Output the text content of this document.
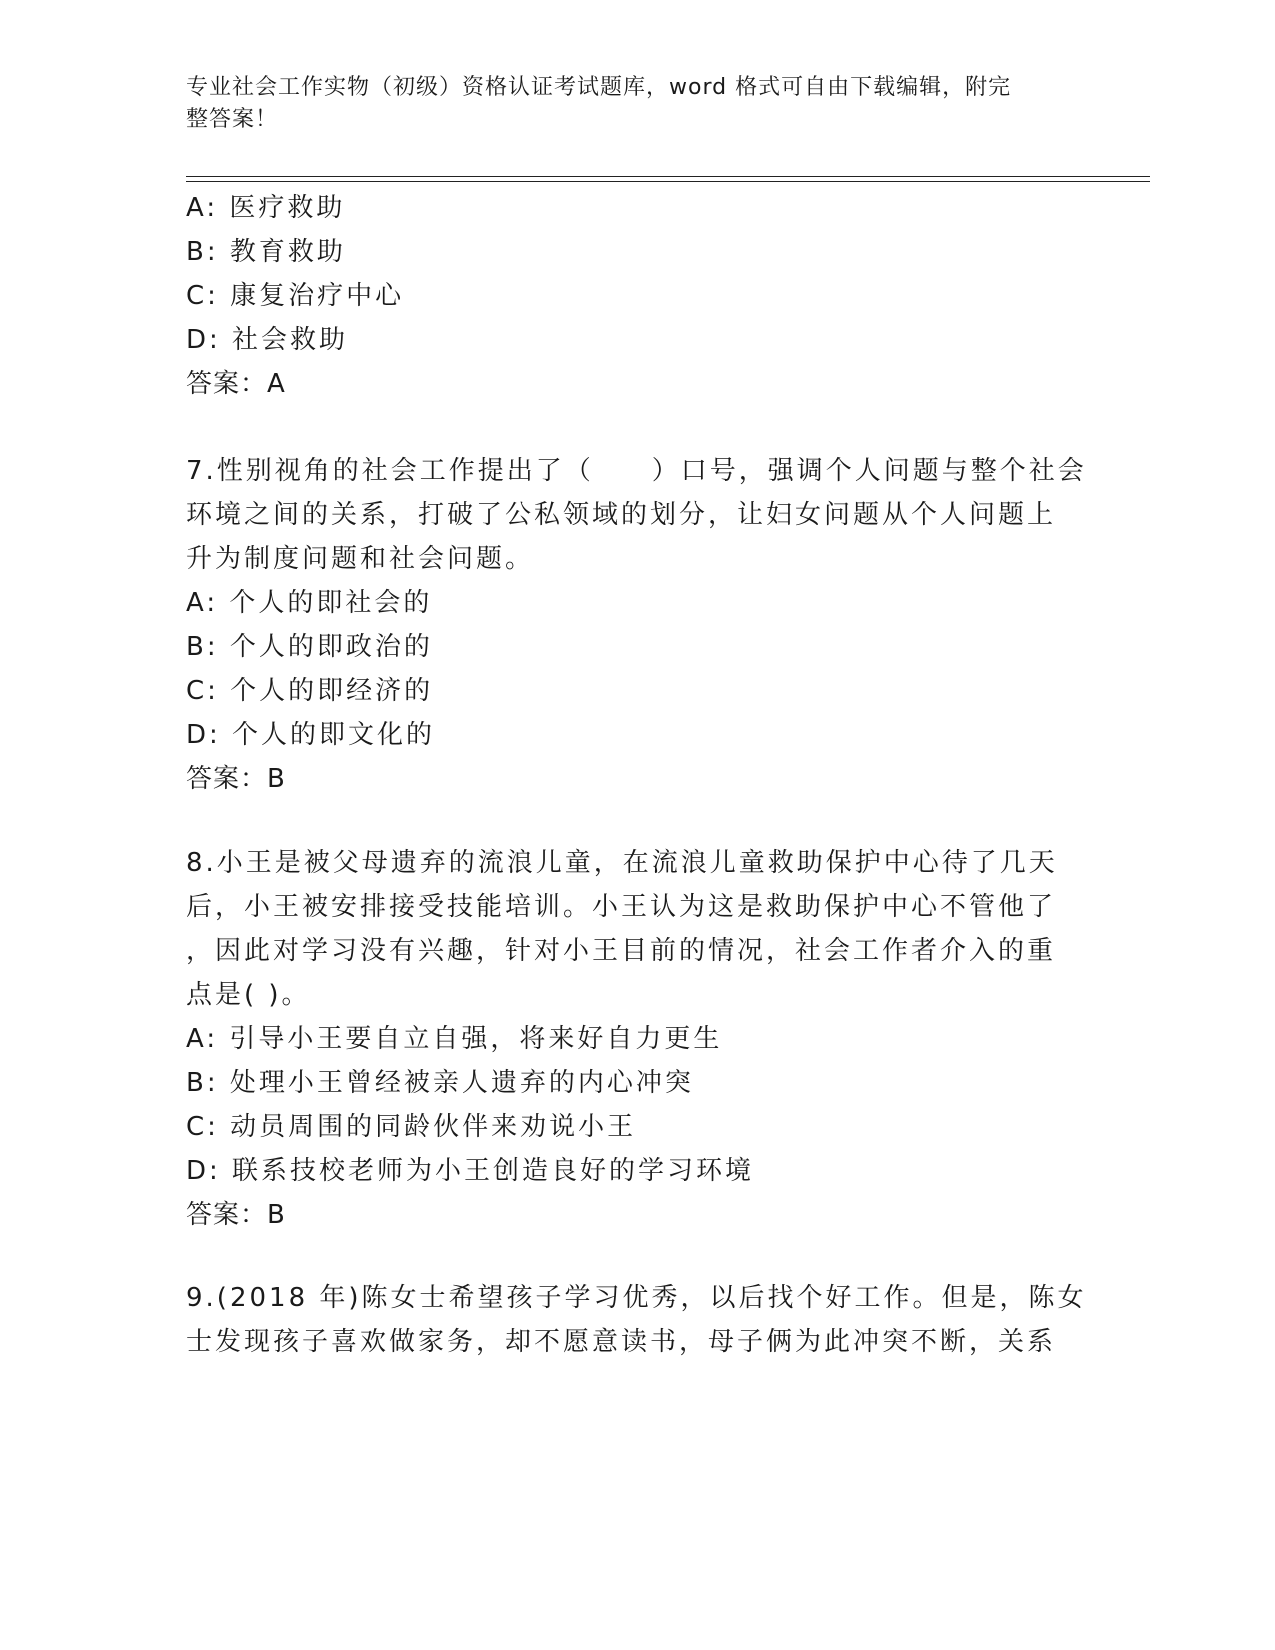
专业社会工作实物（初级）资格认证考试题库，word 格式可自由下载编辑，附完
整答案！
A: 医疗救助
B: 教育救助
C: 康复治疗中心
D: 社会救助
答案：A
7.性别视角的社会工作提出了（　　）口号，强调个人问题与整个社会
环境之间的关系，打破了公私领域的划分，让妇女问题从个人问题上
升为制度问题和社会问题。
A: 个人的即社会的
B: 个人的即政治的
C: 个人的即经济的
D: 个人的即文化的
答案：B
8.小王是被父母遗弃的流浪儿童，在流浪儿童救助保护中心待了几天
后，小王被安排接受技能培训。小王认为这是救助保护中心不管他了
，因此对学习没有兴趣，针对小王目前的情况，社会工作者介入的重
点是( )。
A: 引导小王要自立自强，将来好自力更生
B: 处理小王曾经被亲人遗弃的内心冲突
C: 动员周围的同龄伙伴来劝说小王
D: 联系技校老师为小王创造良好的学习环境
答案：B
9.(2018 年)陈女士希望孩子学习优秀，以后找个好工作。但是，陈女
士发现孩子喜欢做家务，却不愿意读书，母子俩为此冲突不断，关系
